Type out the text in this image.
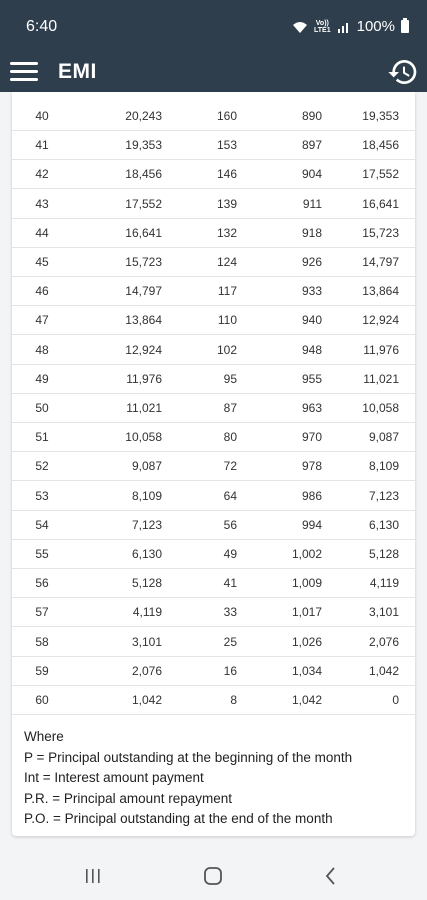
6:40	Vo))
LTE1 100%
EMI
40	20,243	160	890	19,353
41	19,353	153	897	18,456
42	18,456	146	904	17,552
43	17,552	139	911	16,641
44	16,641	132	918	15,723
45	15,723	124	926	14,797
46	14,797	117	933	13,864
47	13,864	110	940	12,924
48	12,924	102	948	11,976
49	11,976	95	955	11,021
50	11,021	87	963	10,058
51	10,058	80	970	9,087
52	9,087	72	978	8,109
53	8,109	64	986	7,123
54	7,123	56	994	6,130
55	6,130	49	1,002	5,128
56	5,128	41	1,009	4,119
57	4,119	33	1,017	3,101
58	3,101	25	1,026	2,076
59	2,076	16	1,034	1,042
60	1,042	8	1,042	0
Where
P = Principal outstanding at the beginning of the month
Int = Interest amount payment
P.R. = Principal amount repayment
P.O. = Principal outstanding at the end of the month
